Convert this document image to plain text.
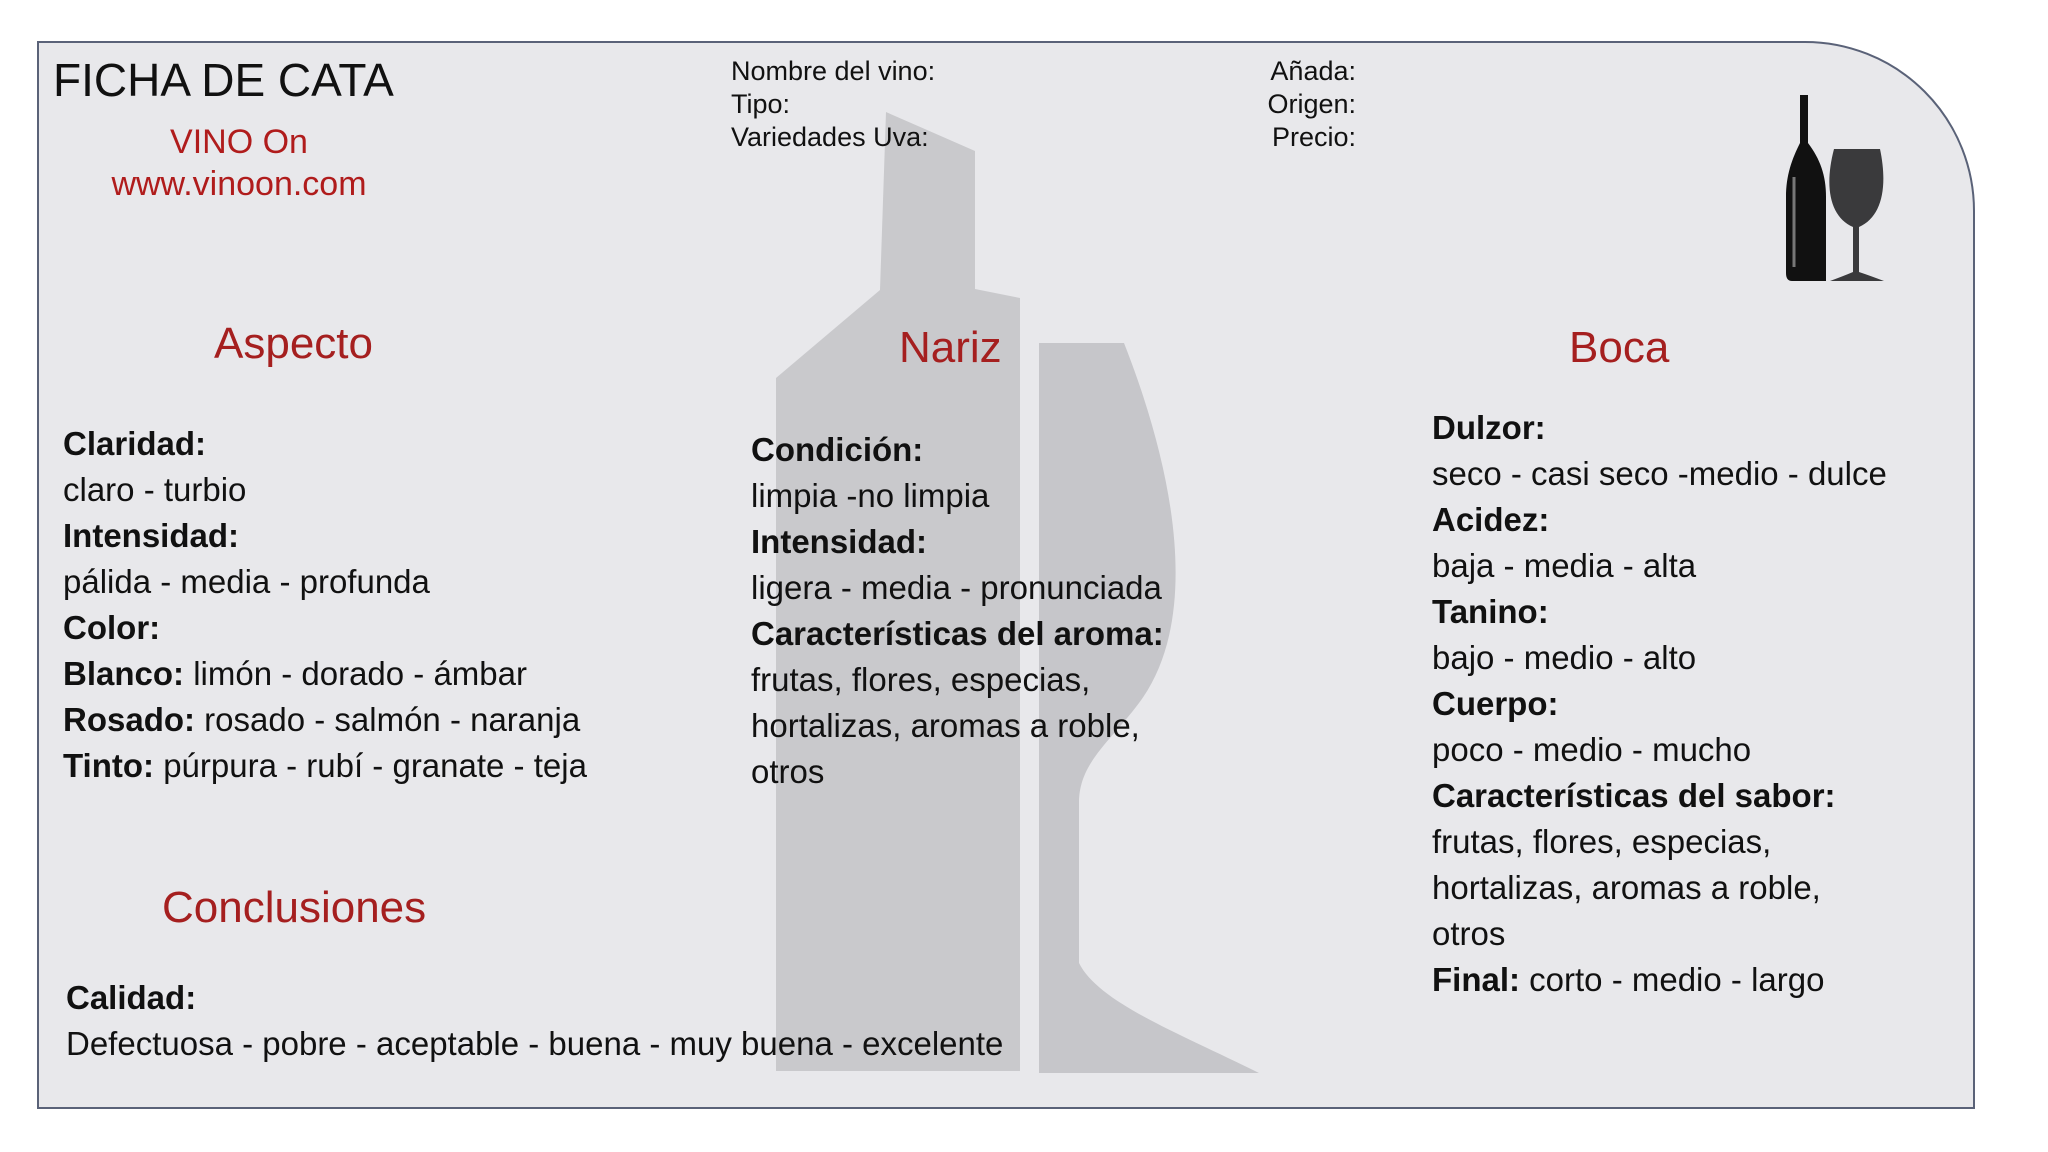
FICHA DE CATA
VINO On
www.vinoon.com
Nombre del vino:
Tipo:
Variedades Uva:
Añada:
Origen:
Precio:
Aspecto	Nariz	Boca
Conclusiones
Claridad:
claro - turbio
Intensidad:
pálida - media - profunda
Color:
Blanco: limón - dorado - ámbar
Rosado: rosado - salmón - naranja
Tinto: púrpura - rubí - granate - teja
Condición:
limpia -no limpia
Intensidad:
ligera - media - pronunciada
Características del aroma:
frutas, flores, especias,
hortalizas, aromas a roble,
otros
Dulzor:
seco - casi seco -medio - dulce
Acidez:
baja - media - alta
Tanino:
bajo - medio - alto
Cuerpo:
poco - medio - mucho
Características del sabor:
frutas, flores, especias,
hortalizas, aromas a roble,
otros
Final: corto - medio - largo
Calidad:
Defectuosa - pobre - aceptable - buena - muy buena - excelente
